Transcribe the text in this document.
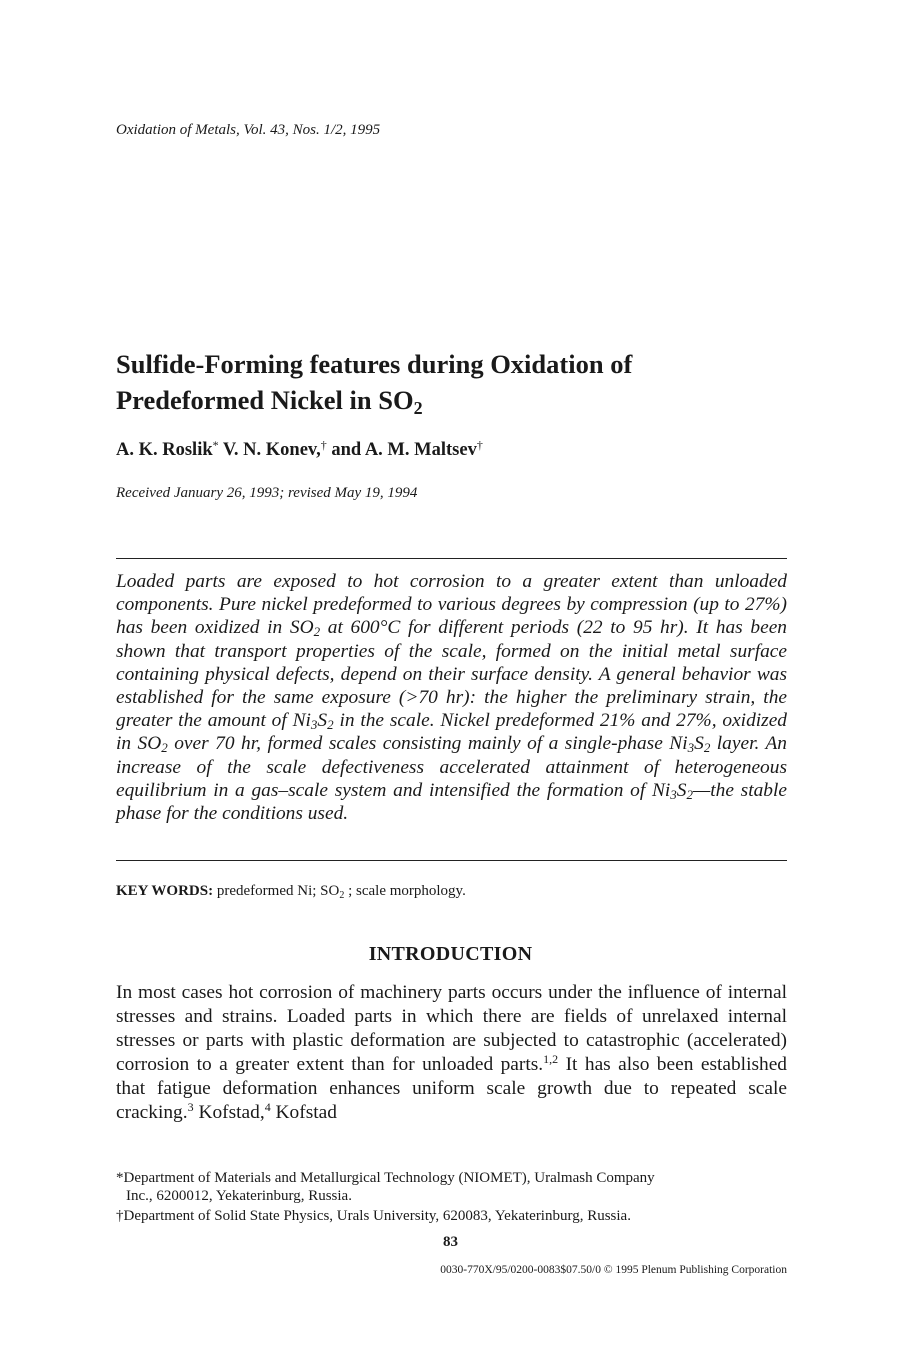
Oxidation of Metals, Vol. 43, Nos. 1/2, 1995
Sulfide-Forming features during Oxidation of
Predeformed Nickel in $SO_2$
A. K. Roslik* V. N. Konev,† and A. M. Maltsev†
Received January 26, 1993; revised May 19, 1994

Loaded parts are exposed to hot corrosion to a greater extent than unloaded components. Pure nickel predeformed to various degrees by compression (up to 27%) has been oxidized in $SO_2$ at 600°C for different periods (22 to 95 hr). It has been shown that transport properties of the scale, formed on the initial metal surface containing physical defects, depend on their surface density. A general behavior was established for the same exposure (>70 hr): the higher the preliminary strain, the greater the amount of $Ni_3S_2$ in the scale. Nickel predeformed 21% and 27%, oxidized in $SO_2$ over 70 hr, formed scales consisting mainly of a single-phase $Ni_3S_2$ layer. An increase of the scale defectiveness accelerated attainment of heterogeneous equilibrium in a gas–scale system and intensified the formation of $Ni_3S_2—the$ stable phase for the conditions used.

KEY WORDS: predeformed Ni; $SO_2$ ; scale morphology.
INTRODUCTION

In most cases hot corrosion of machinery parts occurs under the influence of internal stresses and strains. Loaded parts in which there are fields of unrelaxed internal stresses or parts with plastic deformation are subjected to catastrophic (accelerated) corrosion to a greater extent than for unloaded parts.$^{1,2}$ It has also been established that fatigue deformation enhances uniform scale growth due to repeated scale cracking.$^3$ Kofstad,$^4$ Kofstad

*Department of Materials and Metallurgical Technology (NIOMET), Uralmash Company
Inc., 6200012, Yekaterinburg, Russia.
†Department of Solid State Physics, Urals University, 620083, Yekaterinburg, Russia.
83
0030-770X/95/0200-0083$07.50/0 © 1995 Plenum Publishing Corporation
